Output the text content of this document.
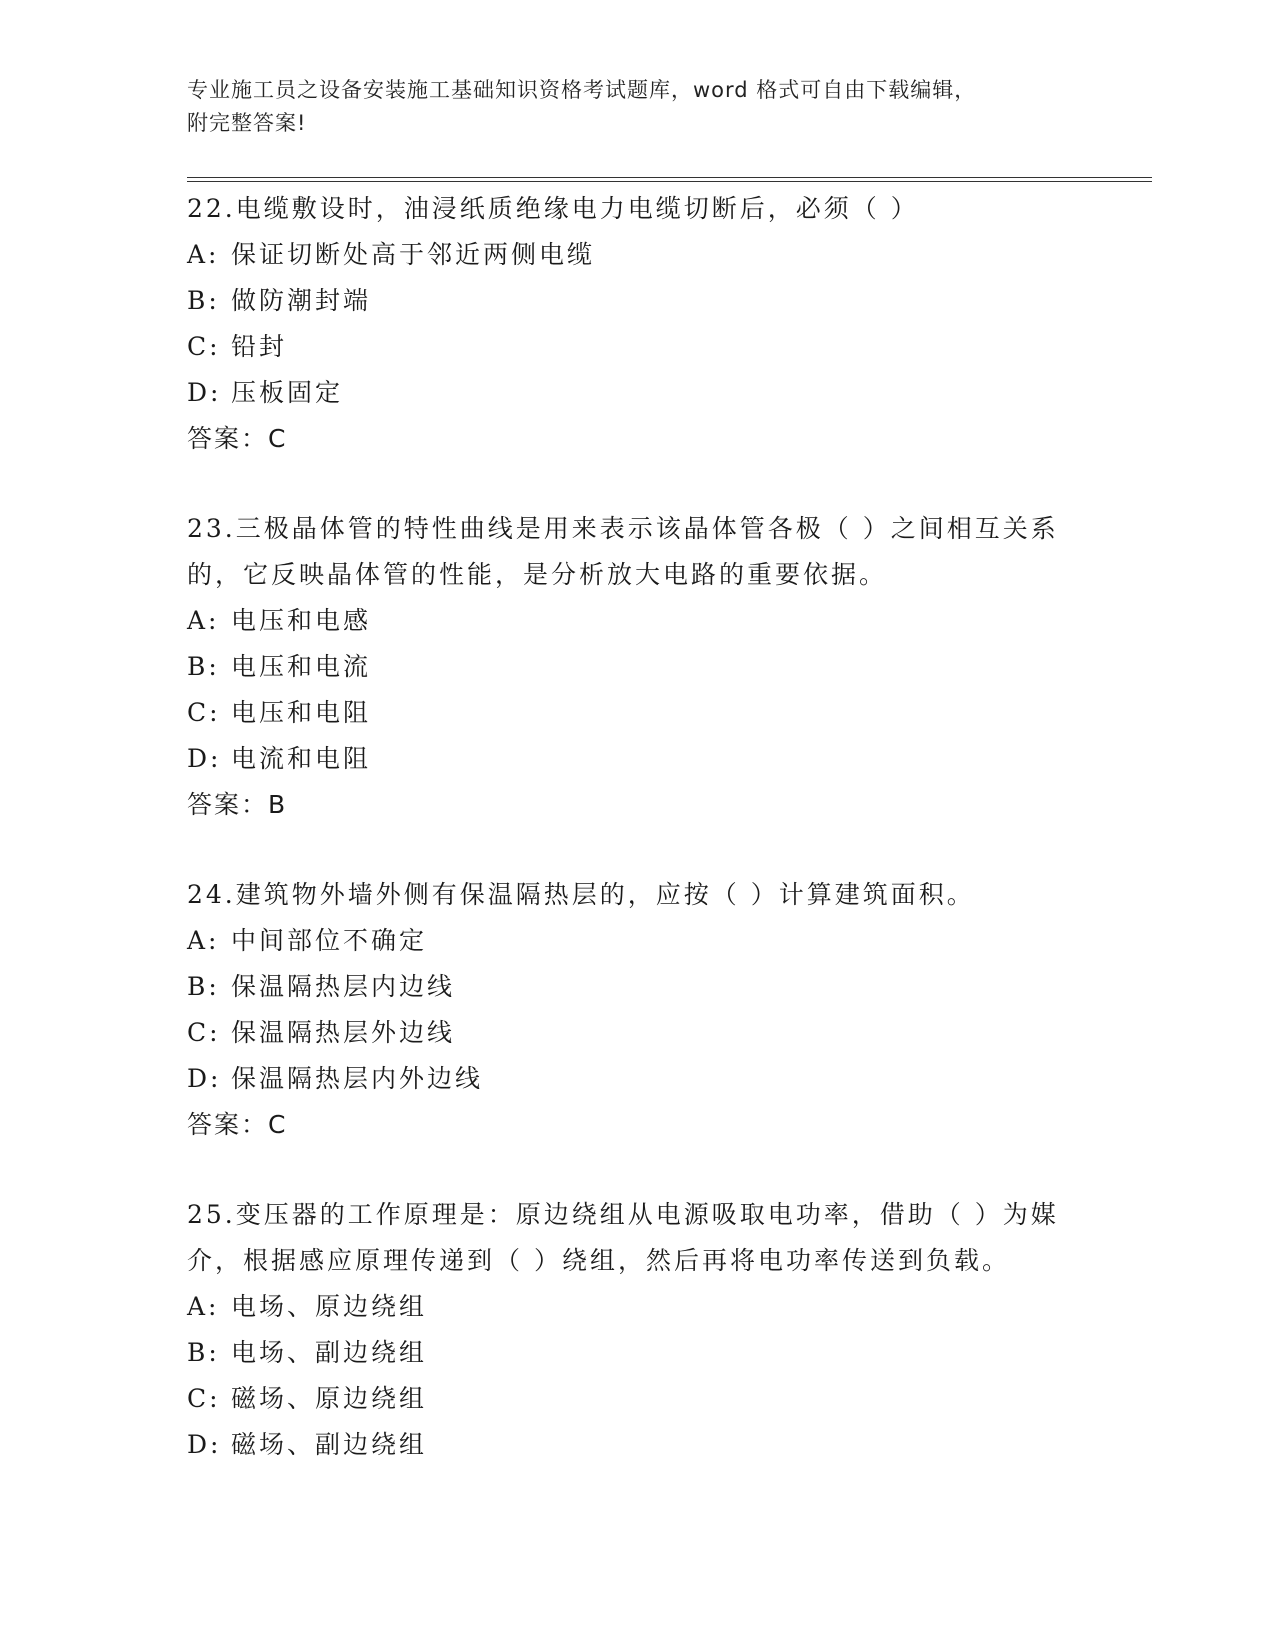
专业施工员之设备安装施工基础知识资格考试题库，word 格式可自由下载编辑，
附完整答案!

22.电缆敷设时，油浸纸质绝缘电力电缆切断后，必须（ ）

A: 保证切断处高于邻近两侧电缆

B: 做防潮封端

C: 铅封

D: 压板固定

答案：C

23.三极晶体管的特性曲线是用来表示该晶体管各极（ ）之间相互关系的，它反映晶体管的性能，是分析放大电路的重要依据。

A: 电压和电感

B: 电压和电流

C: 电压和电阻

D: 电流和电阻

答案：B

24.建筑物外墙外侧有保温隔热层的，应按（ ）计算建筑面积。

A: 中间部位不确定

B: 保温隔热层内边线

C: 保温隔热层外边线

D: 保温隔热层内外边线

答案：C

25.变压器的工作原理是：原边绕组从电源吸取电功率，借助（ ）为媒介，根据感应原理传递到（ ）绕组，然后再将电功率传送到负载。

A: 电场、原边绕组

B: 电场、副边绕组

C: 磁场、原边绕组

D: 磁场、副边绕组
